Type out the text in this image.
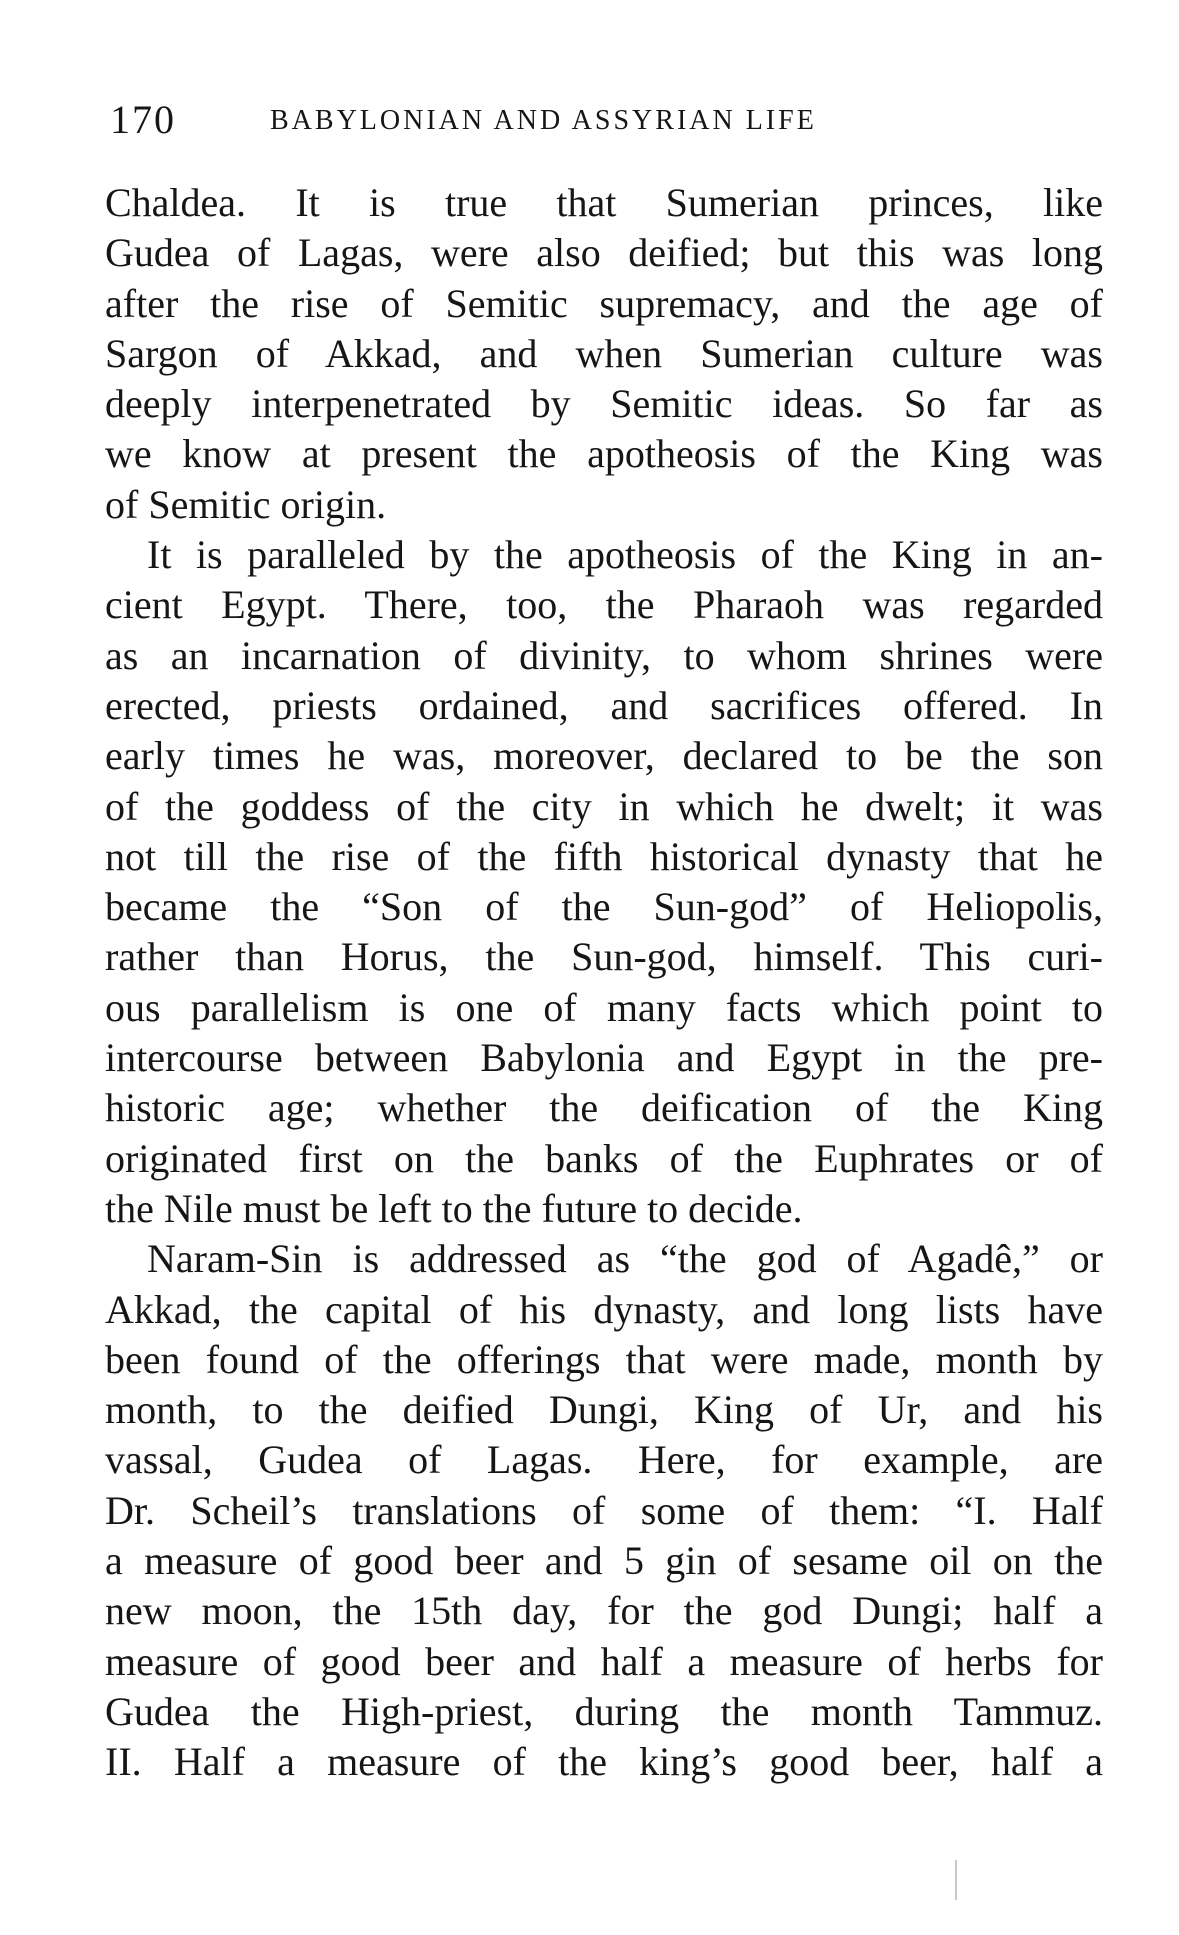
170	BABYLONIAN AND ASSYRIAN LIFE
Chaldea. It is true that Sumerian princes, like
Gudea of Lagas, were also deified; but this was long
after the rise of Semitic supremacy, and the age of
Sargon of Akkad, and when Sumerian culture was
deeply interpenetrated by Semitic ideas. So far as
we know at present the apotheosis of the King was
of Semitic origin.
It is paralleled by the apotheosis of the King in an-
cient Egypt. There, too, the Pharaoh was regarded
as an incarnation of divinity, to whom shrines were
erected, priests ordained, and sacrifices offered. In
early times he was, moreover, declared to be the son
of the goddess of the city in which he dwelt; it was
not till the rise of the fifth historical dynasty that he
became the “Son of the Sun-god” of Heliopolis,
rather than Horus, the Sun-god, himself. This curi-
ous parallelism is one of many facts which point to
intercourse between Babylonia and Egypt in the pre-
historic age; whether the deification of the King
originated first on the banks of the Euphrates or of
the Nile must be left to the future to decide.
Naram-Sin is addressed as “the god of Agadê,” or
Akkad, the capital of his dynasty, and long lists have
been found of the offerings that were made, month by
month, to the deified Dungi, King of Ur, and his
vassal, Gudea of Lagas. Here, for example, are
Dr. Scheil’s translations of some of them: “I. Half
a measure of good beer and 5 gin of sesame oil on the
new moon, the 15th day, for the god Dungi; half a
measure of good beer and half a measure of herbs for
Gudea the High-priest, during the month Tammuz.
II. Half a measure of the king’s good beer, half a
